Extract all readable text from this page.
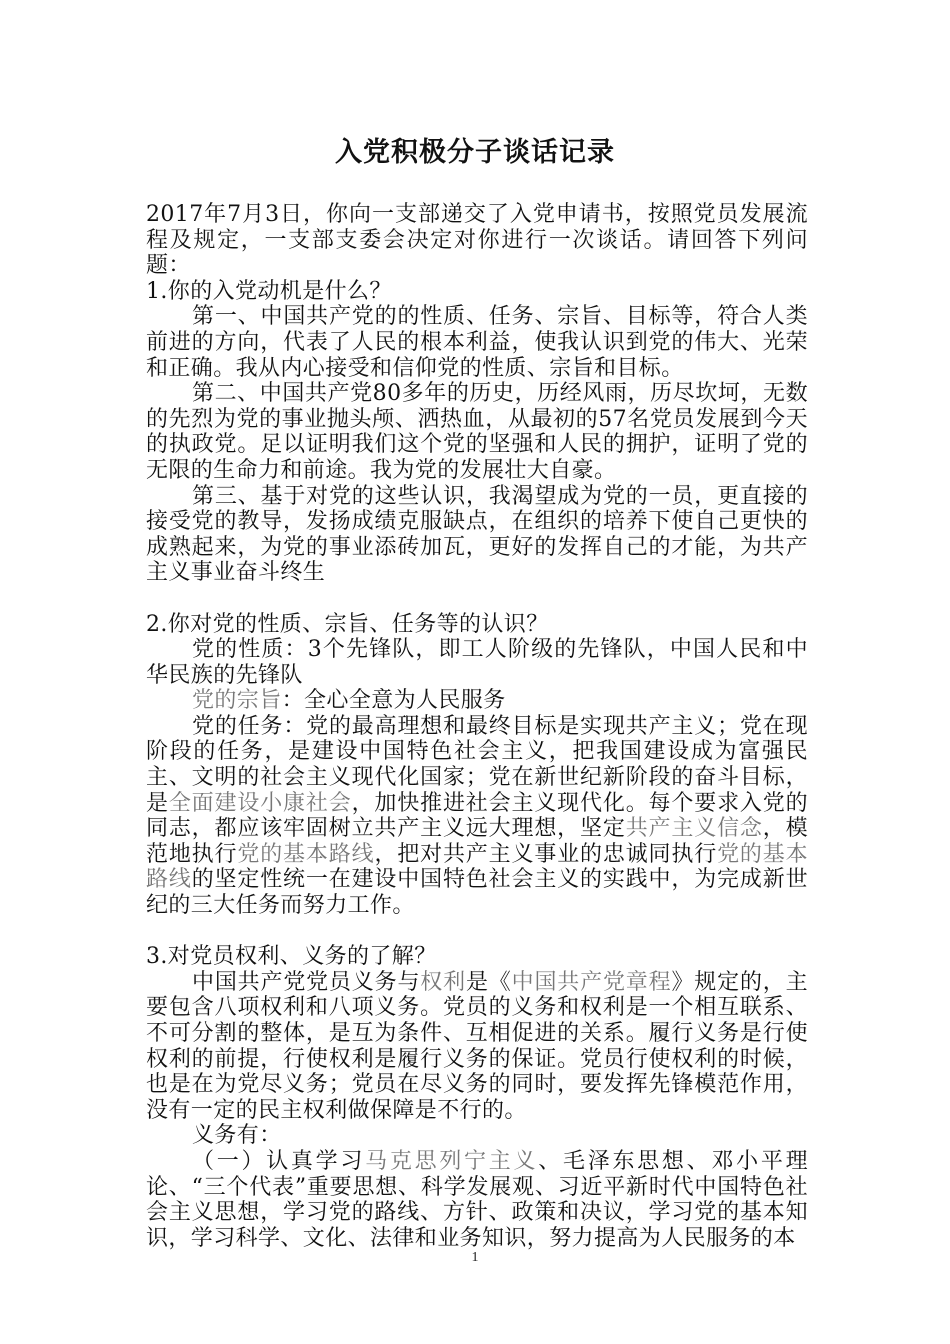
入党积极分子谈话记录

2017年7月3日，你向一支部递交了入党申请书，按照党员发展流程及规定，一支部支委会决定对你进行一次谈话。请回答下列问题：

1.你的入党动机是什么？

第一、中国共产党的的性质、任务、宗旨、目标等，符合人类前进的方向，代表了人民的根本利益，使我认识到党的伟大、光荣和正确。我从内心接受和信仰党的性质、宗旨和目标。

第二、中国共产党80多年的历史，历经风雨，历尽坎坷，无数的先烈为党的事业抛头颅、洒热血，从最初的57名党员发展到今天的执政党。足以证明我们这个党的坚强和人民的拥护，证明了党的无限的生命力和前途。我为党的发展壮大自豪。

第三、基于对党的这些认识，我渴望成为党的一员，更直接的接受党的教导，发扬成绩克服缺点，在组织的培养下使自己更快的成熟起来，为党的事业添砖加瓦，更好的发挥自己的才能，为共产主义事业奋斗终生

2.你对党的性质、宗旨、任务等的认识？

党的性质：3个先锋队，即工人阶级的先锋队，中国人民和中华民族的先锋队

党的宗旨：全心全意为人民服务

党的任务：党的最高理想和最终目标是实现共产主义；党在现阶段的任务，是建设中国特色社会主义，把我国建设成为富强民主、文明的社会主义现代化国家；党在新世纪新阶段的奋斗目标，是全面建设小康社会，加快推进社会主义现代化。每个要求入党的同志，都应该牢固树立共产主义远大理想，坚定共产主义信念，模范地执行党的基本路线，把对共产主义事业的忠诚同执行党的基本路线的坚定性统一在建设中国特色社会主义的实践中，为完成新世纪的三大任务而努力工作。

3.对党员权利、义务的了解？

中国共产党党员义务与权利是《中国共产党章程》规定的，主要包含八项权利和八项义务。党员的义务和权利是一个相互联系、不可分割的整体，是互为条件、互相促进的关系。履行义务是行使权利的前提，行使权利是履行义务的保证。党员行使权利的时候，也是在为党尽义务；党员在尽义务的同时，要发挥先锋模范作用，没有一定的民主权利做保障是不行的。

义务有：

（一）认真学习马克思列宁主义、毛泽东思想、邓小平理论、“三个代表”重要思想、科学发展观、习近平新时代中国特色社会主义思想，学习党的路线、方针、政策和决议，学习党的基本知识，学习科学、文化、法律和业务知识，努力提高为人民服务的本

1
